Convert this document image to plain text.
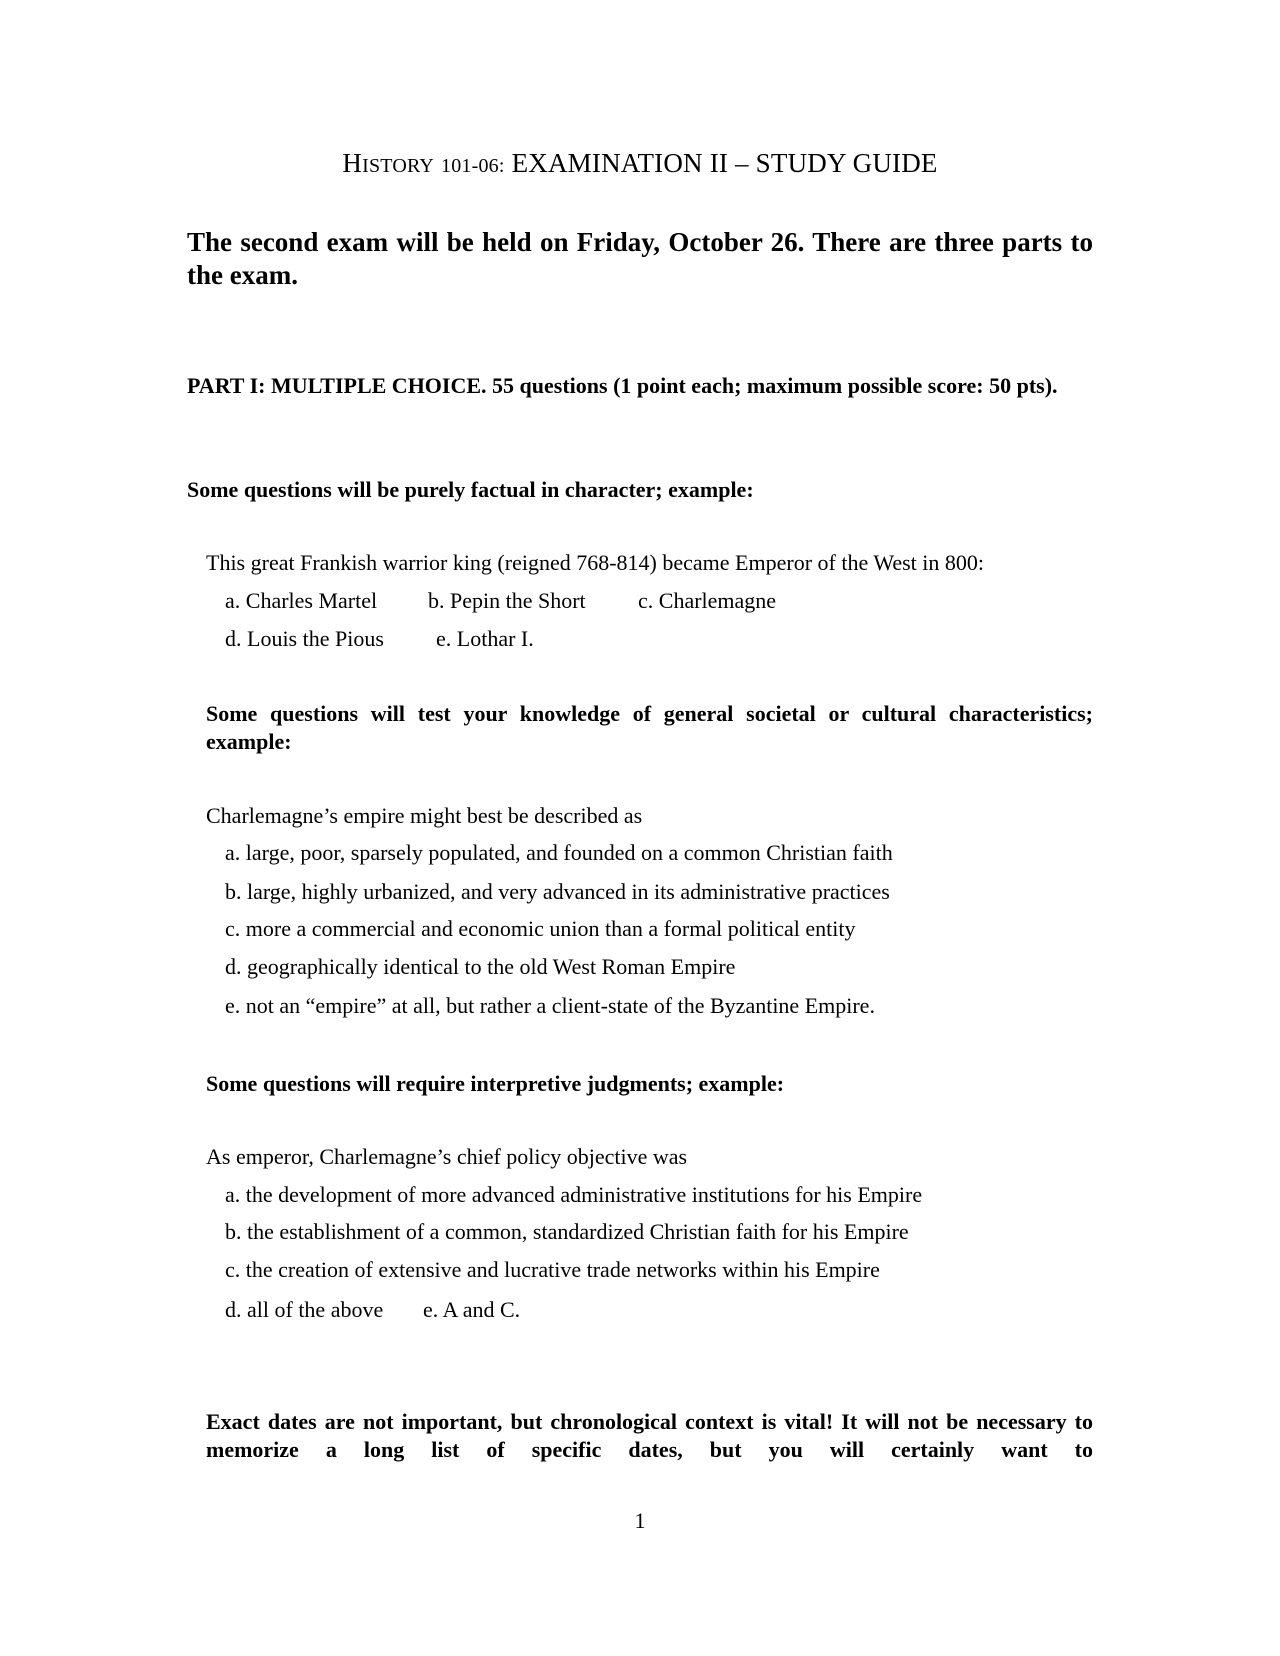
HISTORY 101-06: EXAMINATION II – STUDY GUIDE

The second exam will be held on Friday, October 26. There are three parts to the exam.

PART I: MULTIPLE CHOICE. 55 questions (1 point each; maximum possible score: 50 pts).

Some questions will be purely factual in character; example:

This great Frankish warrior king (reigned 768-814) became Emperor of the West in 800:
a. Charles Martel b. Pepin the Short c. Charlemagne
d. Louis the Pious e. Lothar I.

Some questions will test your knowledge of general societal or cultural characteristics; example:

Charlemagne’s empire might best be described as
a. large, poor, sparsely populated, and founded on a common Christian faith
b. large, highly urbanized, and very advanced in its administrative practices
c. more a commercial and economic union than a formal political entity
d. geographically identical to the old West Roman Empire
e. not an “empire” at all, but rather a client-state of the Byzantine Empire.

Some questions will require interpretive judgments; example:

As emperor, Charlemagne’s chief policy objective was
a. the development of more advanced administrative institutions for his Empire
b. the establishment of a common, standardized Christian faith for his Empire
c. the creation of extensive and lucrative trade networks within his Empire
d. all of the above e. A and C.

Exact dates are not important, but chronological context is vital! It will not be necessary to memorize a long list of specific dates, but you will certainly want to

1
